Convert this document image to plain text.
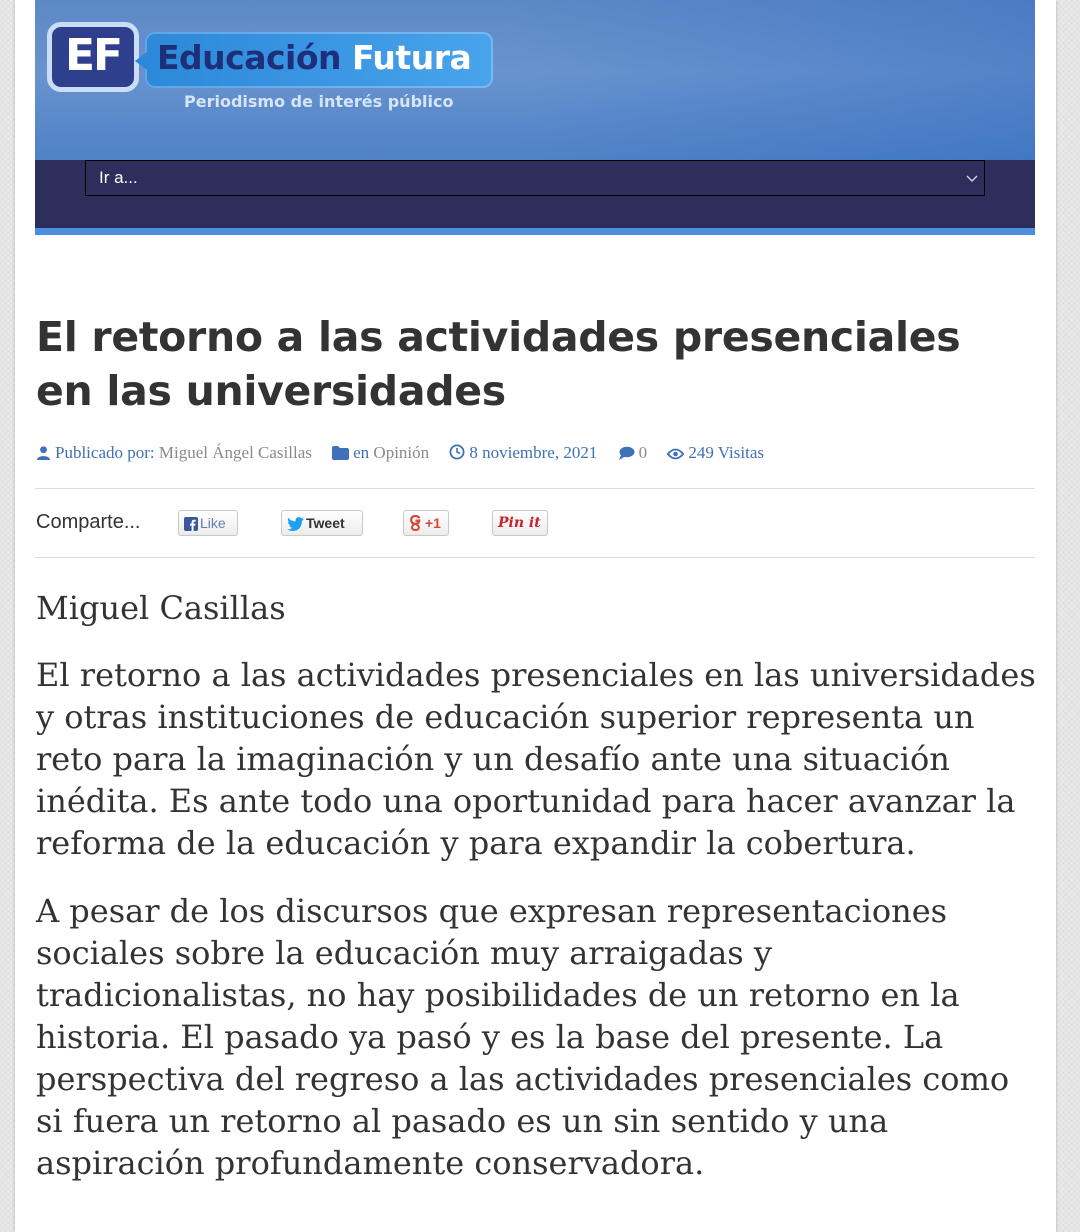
EF	Educación Futura
Periodismo de interés público
Ir a...
El retorno a las actividades presenciales en las universidades
Publicado por: Miguel Ángel Casillas en Opinión 8 noviembre, 2021 0 249 Visitas
Comparte...	Like	Tweet	+1	Pin it
Miguel Casillas

El retorno a las actividades presenciales en las universidades y otras instituciones de educación superior representa un reto para la imaginación y un desafío ante una situación inédita. Es ante todo una oportunidad para hacer avanzar la reforma de la educación y para expandir la cobertura.

A pesar de los discursos que expresan representaciones sociales sobre la educación muy arraigadas y tradicionalistas, no hay posibilidades de un retorno en la historia. El pasado ya pasó y es la base del presente. La perspectiva del regreso a las actividades presenciales como si fuera un retorno al pasado es un sin sentido y una aspiración profundamente conservadora.
